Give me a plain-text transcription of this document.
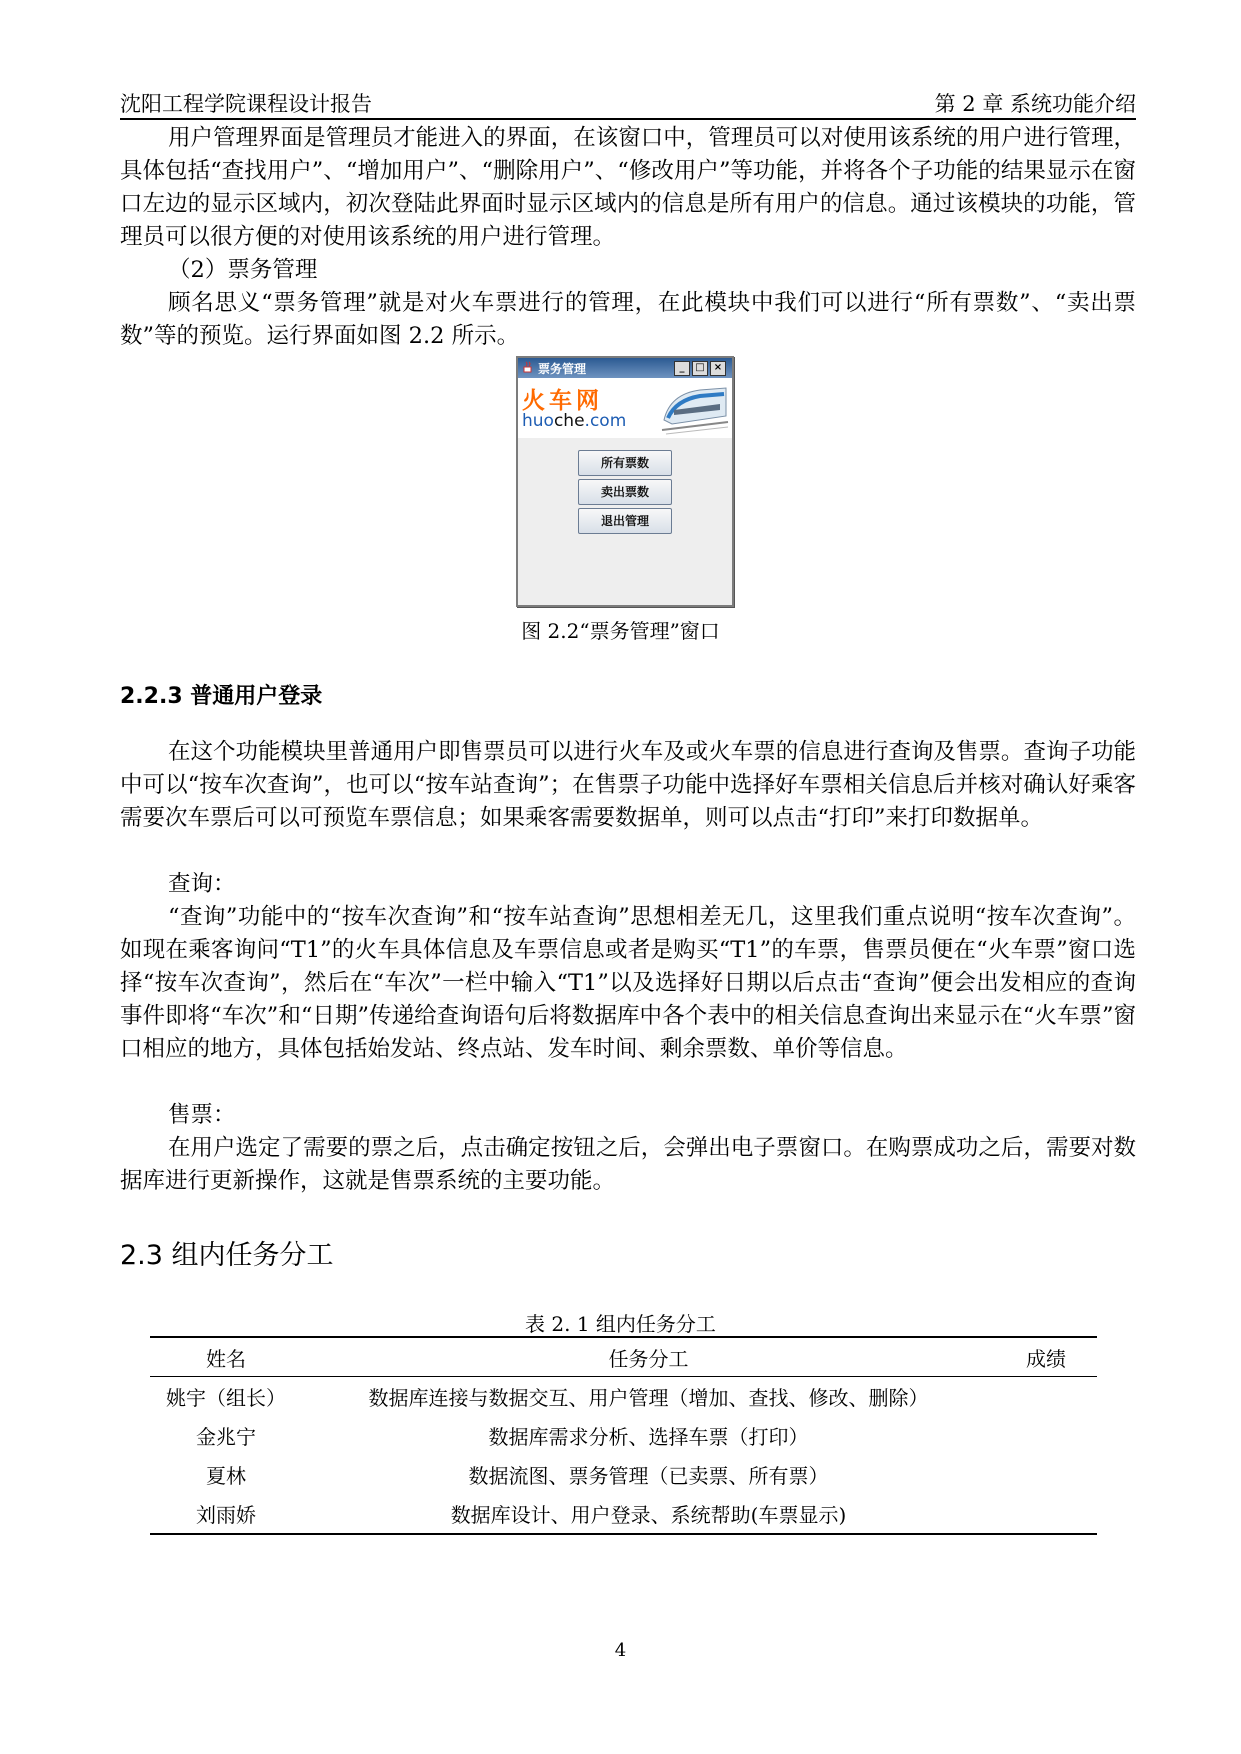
沈阳工程学院课程设计报告	第 2 章 系统功能介绍

用户管理界面是管理员才能进入的界面，在该窗口中，管理员可以对使用该系统的用户进行管理，具体包括“查找用户”、“增加用户”、“删除用户”、“修改用户”等功能，并将各个子功能的结果显示在窗口左边的显示区域内，初次登陆此界面时显示区域内的信息是所有用户的信息。通过该模块的功能，管理员可以很方便的对使用该系统的用户进行管理。

（2）票务管理

顾名思义“票务管理”就是对火车票进行的管理，在此模块中我们可以进行“所有票数”、“卖出票数”等的预览。运行界面如图 2.2 所示。

票务管理	_	□ ×
火车网
huoche.com
所有票数
卖出票数
退出管理
图 2.2“票务管理”窗口
2.2.3 普通用户登录

在这个功能模块里普通用户即售票员可以进行火车及或火车票的信息进行查询及售票。查询子功能中可以“按车次查询”，也可以“按车站查询”；在售票子功能中选择好车票相关信息后并核对确认好乘客需要次车票后可以可预览车票信息；如果乘客需要数据单，则可以点击“打印”来打印数据单。

查询：

“查询”功能中的“按车次查询”和“按车站查询”思想相差无几，这里我们重点说明“按车次查询”。如现在乘客询问“T1”的火车具体信息及车票信息或者是购买“T1”的车票，售票员便在“火车票”窗口选择“按车次查询”，然后在“车次”一栏中输入“T1”以及选择好日期以后点击“查询”便会出发相应的查询事件即将“车次”和“日期”传递给查询语句后将数据库中各个表中的相关信息查询出来显示在“火车票”窗口相应的地方，具体包括始发站、终点站、发车时间、剩余票数、单价等信息。

售票：

在用户选定了需要的票之后，点击确定按钮之后，会弹出电子票窗口。在购票成功之后，需要对数据库进行更新操作，这就是售票系统的主要功能。

2.3 组内任务分工
表 2. 1 组内任务分工
姓名	任务分工	成绩
姚宇（组长）	数据库连接与数据交互、用户管理（增加、查找、修改、删除）	
金兆宁	数据库需求分析、选择车票（打印）	
夏林	数据流图、票务管理（已卖票、所有票）	
刘雨娇	数据库设计、用户登录、系统帮助(车票显示)	
4
